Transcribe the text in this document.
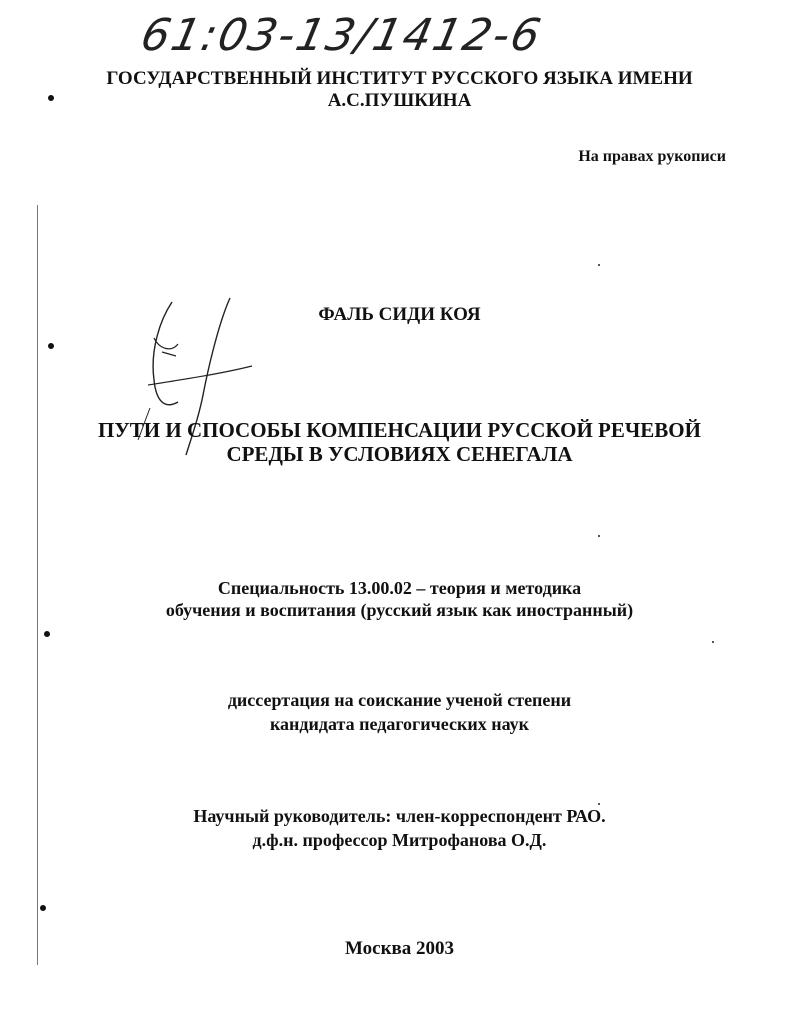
61:03-13/1412-6
ГОСУДАРСТВЕННЫЙ ИНСТИТУТ РУССКОГО ЯЗЫКА ИМЕНИ
А.С.ПУШКИНА
На правах рукописи
ФАЛЬ СИДИ КОЯ
ПУТИ И СПОСОБЫ КОМПЕНСАЦИИ РУССКОЙ РЕЧЕВОЙ
СРЕДЫ В УСЛОВИЯХ СЕНЕГАЛА
Специальность 13.00.02 – теория и методика
обучения и воспитания (русский язык как иностранный)
диссертация на соискание ученой степени
кандидата педагогических наук
Научный руководитель: член-корреспондент РАО.
д.ф.н. профессор Митрофанова О.Д.
Москва 2003
